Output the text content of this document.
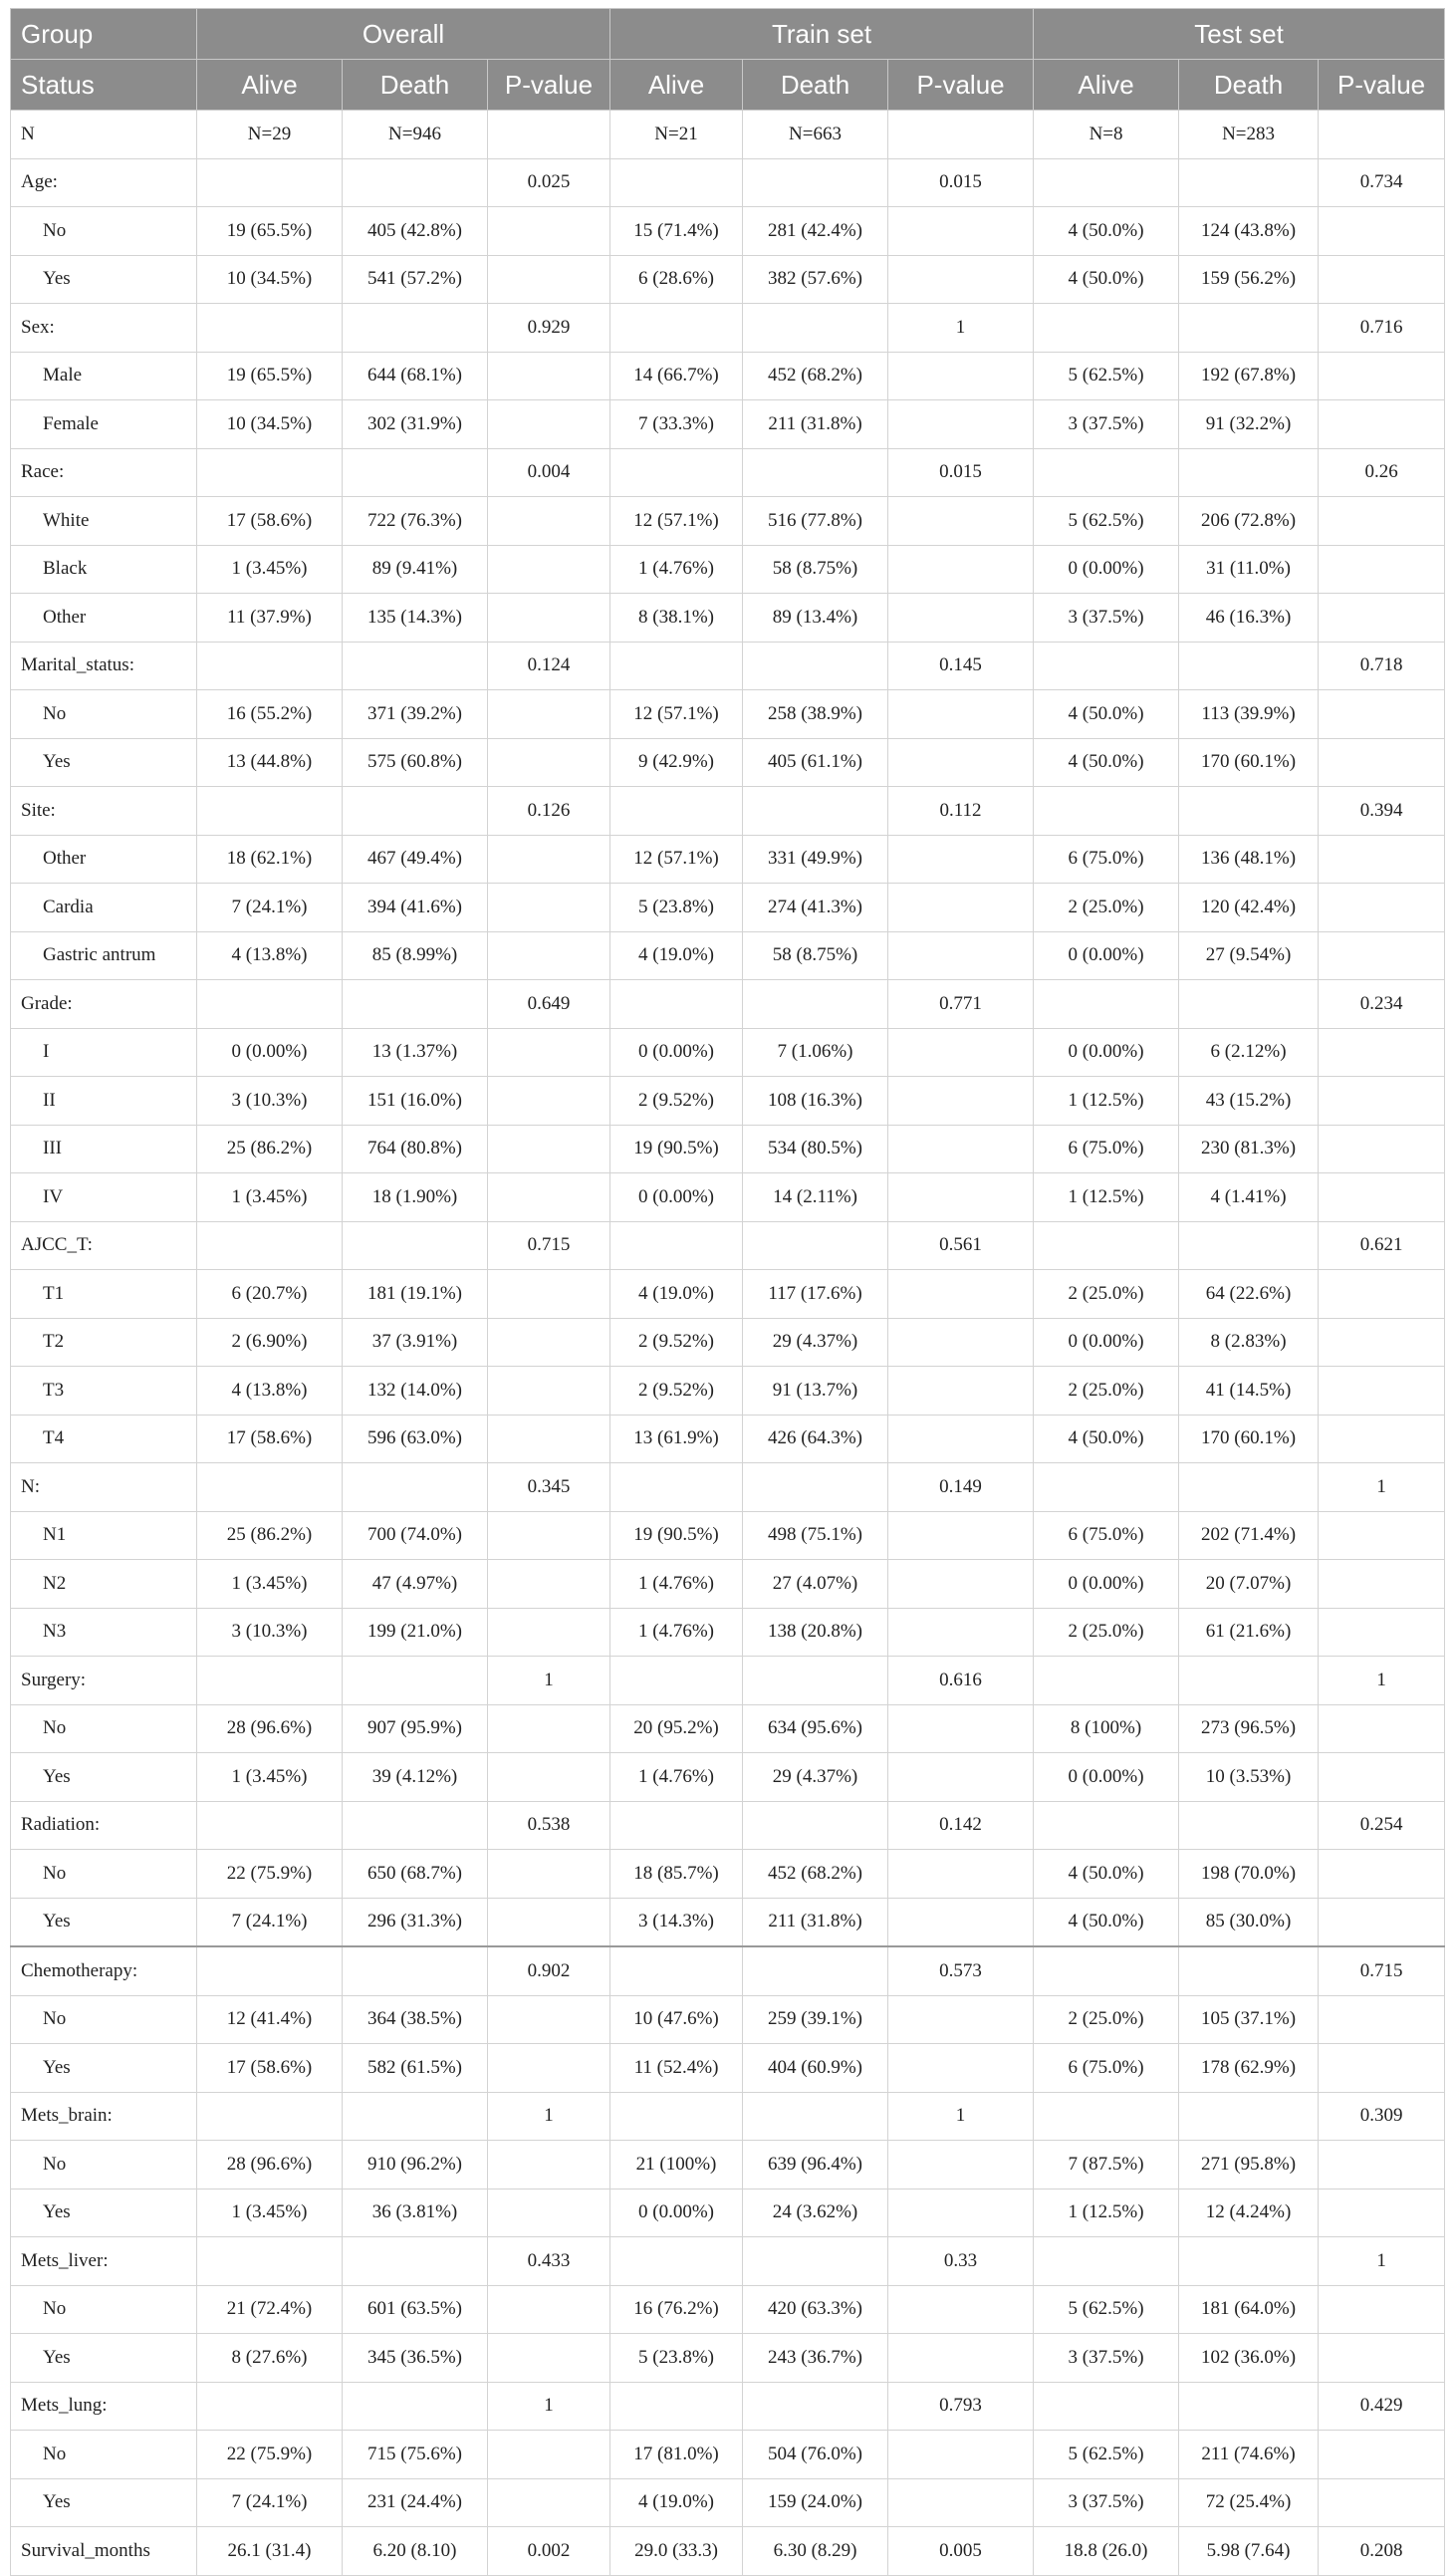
Group	Overall			Train set			Test set		
Status	Alive	Death	P-value	Alive	Death	P-value	Alive	Death	P-value
N	N=29	N=946		N=21	N=663		N=8	N=283	
Age:			0.025			0.015			0.734
No	19 (65.5%)	405 (42.8%)		15 (71.4%)	281 (42.4%)		4 (50.0%)	124 (43.8%)	
Yes	10 (34.5%)	541 (57.2%)		6 (28.6%)	382 (57.6%)		4 (50.0%)	159 (56.2%)	
Sex:			0.929			1			0.716
Male	19 (65.5%)	644 (68.1%)		14 (66.7%)	452 (68.2%)		5 (62.5%)	192 (67.8%)	
Female	10 (34.5%)	302 (31.9%)		7 (33.3%)	211 (31.8%)		3 (37.5%)	91 (32.2%)	
Race:			0.004			0.015			0.26
White	17 (58.6%)	722 (76.3%)		12 (57.1%)	516 (77.8%)		5 (62.5%)	206 (72.8%)	
Black	1 (3.45%)	89 (9.41%)		1 (4.76%)	58 (8.75%)		0 (0.00%)	31 (11.0%)	
Other	11 (37.9%)	135 (14.3%)		8 (38.1%)	89 (13.4%)		3 (37.5%)	46 (16.3%)	
Marital_status:			0.124			0.145			0.718
No	16 (55.2%)	371 (39.2%)		12 (57.1%)	258 (38.9%)		4 (50.0%)	113 (39.9%)	
Yes	13 (44.8%)	575 (60.8%)		9 (42.9%)	405 (61.1%)		4 (50.0%)	170 (60.1%)	
Site:			0.126			0.112			0.394
Other	18 (62.1%)	467 (49.4%)		12 (57.1%)	331 (49.9%)		6 (75.0%)	136 (48.1%)	
Cardia	7 (24.1%)	394 (41.6%)		5 (23.8%)	274 (41.3%)		2 (25.0%)	120 (42.4%)	
Gastric antrum	4 (13.8%)	85 (8.99%)		4 (19.0%)	58 (8.75%)		0 (0.00%)	27 (9.54%)	
Grade:			0.649			0.771			0.234
I	0 (0.00%)	13 (1.37%)		0 (0.00%)	7 (1.06%)		0 (0.00%)	6 (2.12%)	
II	3 (10.3%)	151 (16.0%)		2 (9.52%)	108 (16.3%)		1 (12.5%)	43 (15.2%)	
III	25 (86.2%)	764 (80.8%)		19 (90.5%)	534 (80.5%)		6 (75.0%)	230 (81.3%)	
IV	1 (3.45%)	18 (1.90%)		0 (0.00%)	14 (2.11%)		1 (12.5%)	4 (1.41%)	
AJCC_T:			0.715			0.561			0.621
T1	6 (20.7%)	181 (19.1%)		4 (19.0%)	117 (17.6%)		2 (25.0%)	64 (22.6%)	
T2	2 (6.90%)	37 (3.91%)		2 (9.52%)	29 (4.37%)		0 (0.00%)	8 (2.83%)	
T3	4 (13.8%)	132 (14.0%)		2 (9.52%)	91 (13.7%)		2 (25.0%)	41 (14.5%)	
T4	17 (58.6%)	596 (63.0%)		13 (61.9%)	426 (64.3%)		4 (50.0%)	170 (60.1%)	
N:			0.345			0.149			1
N1	25 (86.2%)	700 (74.0%)		19 (90.5%)	498 (75.1%)		6 (75.0%)	202 (71.4%)	
N2	1 (3.45%)	47 (4.97%)		1 (4.76%)	27 (4.07%)		0 (0.00%)	20 (7.07%)	
N3	3 (10.3%)	199 (21.0%)		1 (4.76%)	138 (20.8%)		2 (25.0%)	61 (21.6%)	
Surgery:			1			0.616			1
No	28 (96.6%)	907 (95.9%)		20 (95.2%)	634 (95.6%)		8 (100%)	273 (96.5%)	
Yes	1 (3.45%)	39 (4.12%)		1 (4.76%)	29 (4.37%)		0 (0.00%)	10 (3.53%)	
Radiation:			0.538			0.142			0.254
No	22 (75.9%)	650 (68.7%)		18 (85.7%)	452 (68.2%)		4 (50.0%)	198 (70.0%)	
Yes	7 (24.1%)	296 (31.3%)		3 (14.3%)	211 (31.8%)		4 (50.0%)	85 (30.0%)	
Chemotherapy:			0.902			0.573			0.715
No	12 (41.4%)	364 (38.5%)		10 (47.6%)	259 (39.1%)		2 (25.0%)	105 (37.1%)	
Yes	17 (58.6%)	582 (61.5%)		11 (52.4%)	404 (60.9%)		6 (75.0%)	178 (62.9%)	
Mets_brain:			1			1			0.309
No	28 (96.6%)	910 (96.2%)		21 (100%)	639 (96.4%)		7 (87.5%)	271 (95.8%)	
Yes	1 (3.45%)	36 (3.81%)		0 (0.00%)	24 (3.62%)		1 (12.5%)	12 (4.24%)	
Mets_liver:			0.433			0.33			1
No	21 (72.4%)	601 (63.5%)		16 (76.2%)	420 (63.3%)		5 (62.5%)	181 (64.0%)	
Yes	8 (27.6%)	345 (36.5%)		5 (23.8%)	243 (36.7%)		3 (37.5%)	102 (36.0%)	
Mets_lung:			1			0.793			0.429
No	22 (75.9%)	715 (75.6%)		17 (81.0%)	504 (76.0%)		5 (62.5%)	211 (74.6%)	
Yes	7 (24.1%)	231 (24.4%)		4 (19.0%)	159 (24.0%)		3 (37.5%)	72 (25.4%)	
Survival_months	26.1 (31.4)	6.20 (8.10)	0.002	29.0 (33.3)	6.30 (8.29)	0.005	18.8 (26.0)	5.98 (7.64)	0.208
